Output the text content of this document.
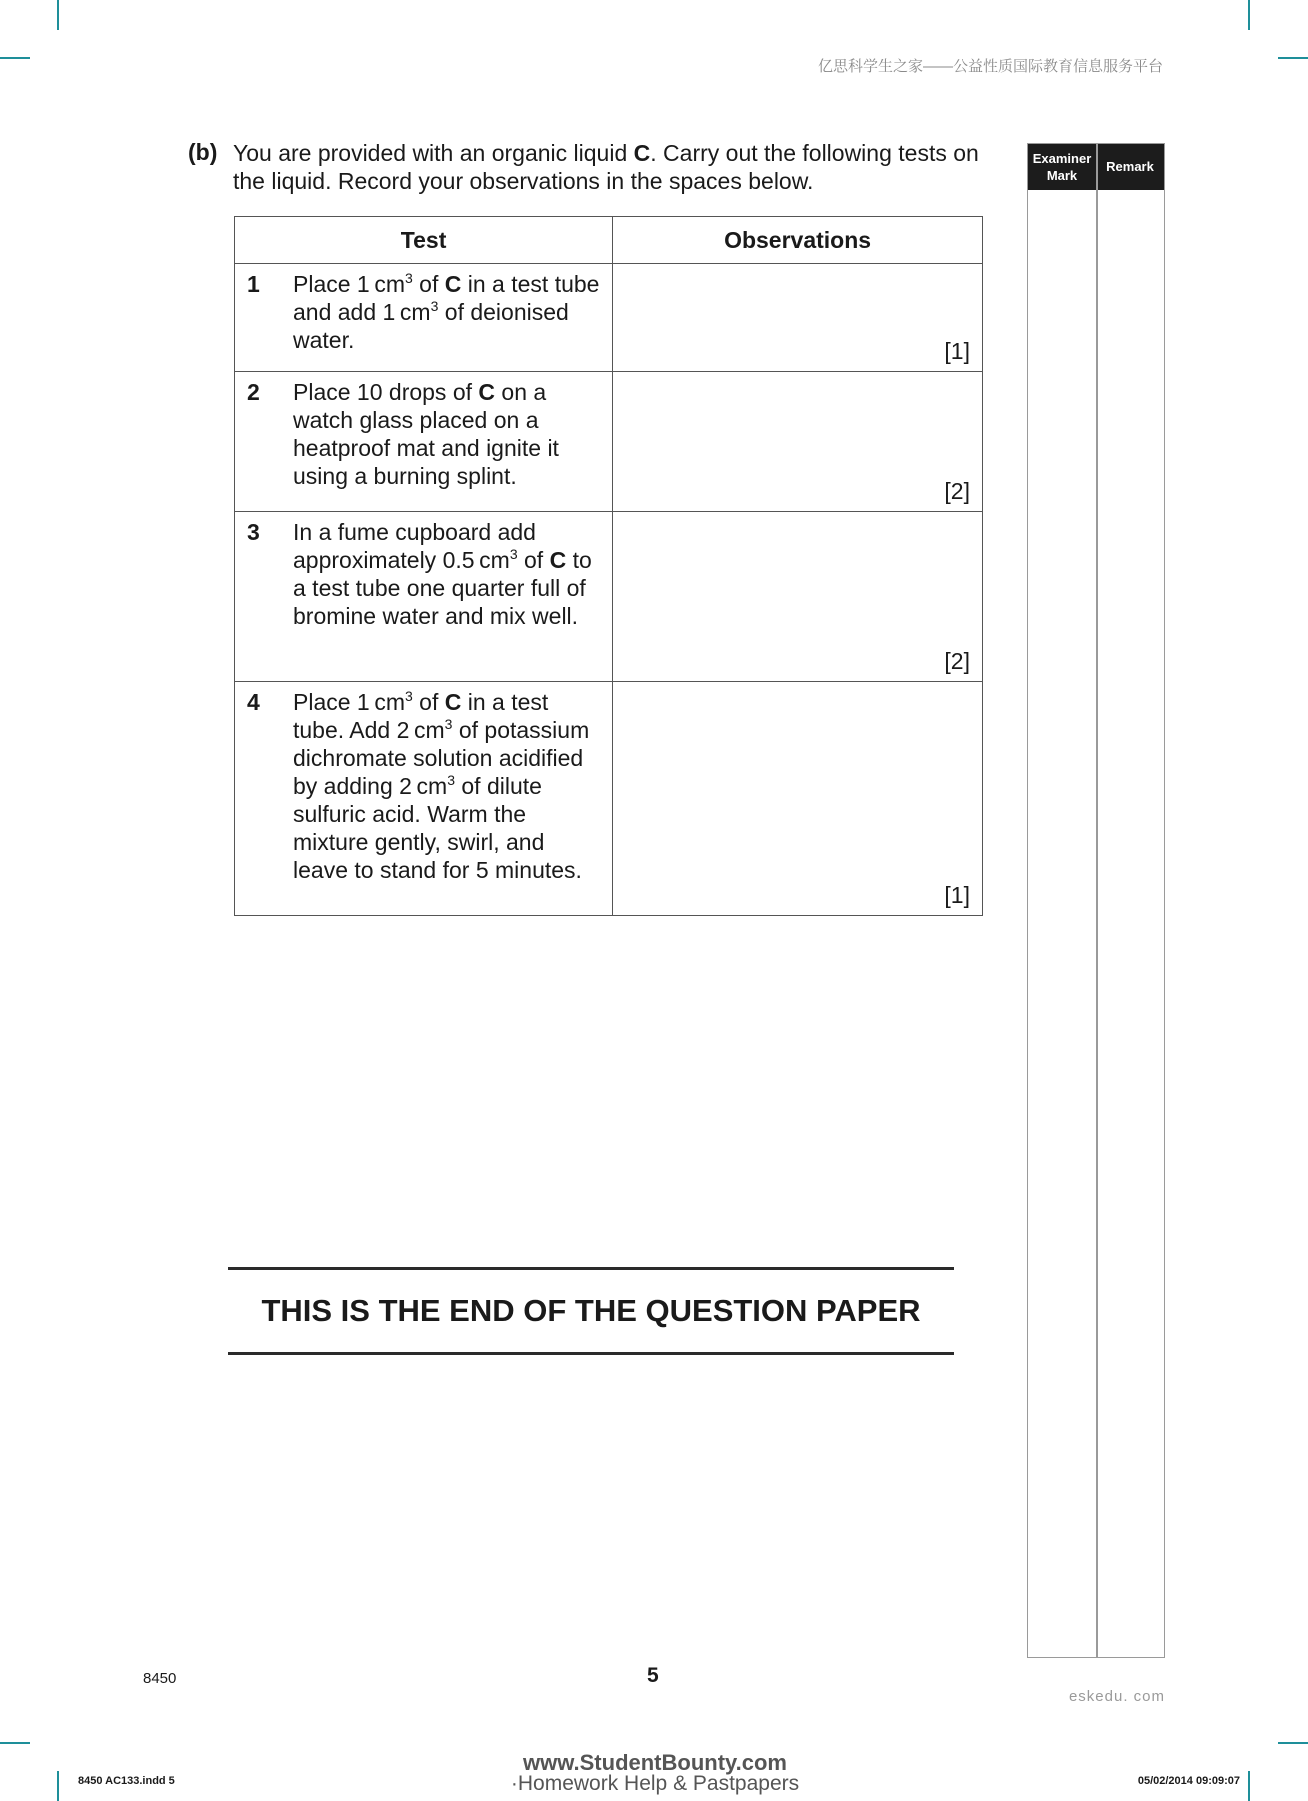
亿思科学生之家——公益性质国际教育信息服务平台
(b) You are provided with an organic liquid C. Carry out the following tests on the liquid. Record your observations in the spaces below.
Test	Observations

1 Place 1 $cm^3$ of C in a test tube and add 1 $cm^3$ of deionised water.	[1]

2 Place 10 drops of C on a watch glass placed on a heatproof mat and ignite it using a burning splint.	[2]

3 In a fume cupboard add approximately 0.5 $cm^3$ of C to a test tube one quarter full of bromine water and mix well.	[2]

4 Place 1 $cm^3$ of C in a test tube. Add 2 $cm^3$ of potassium dichromate solution acidified by adding 2 $cm^3$ of dilute sulfuric acid. Warm the mixture gently, swirl, and leave to stand for 5 minutes.	[1]
THIS IS THE END OF THE QUESTION PAPER
Examiner
Mark
Remark
8450	5
eskedu. com
8450 AC133.indd 5	05/02/2014 09:09:07
www.StudentBounty.com
·Homework Help & Pastpapers
